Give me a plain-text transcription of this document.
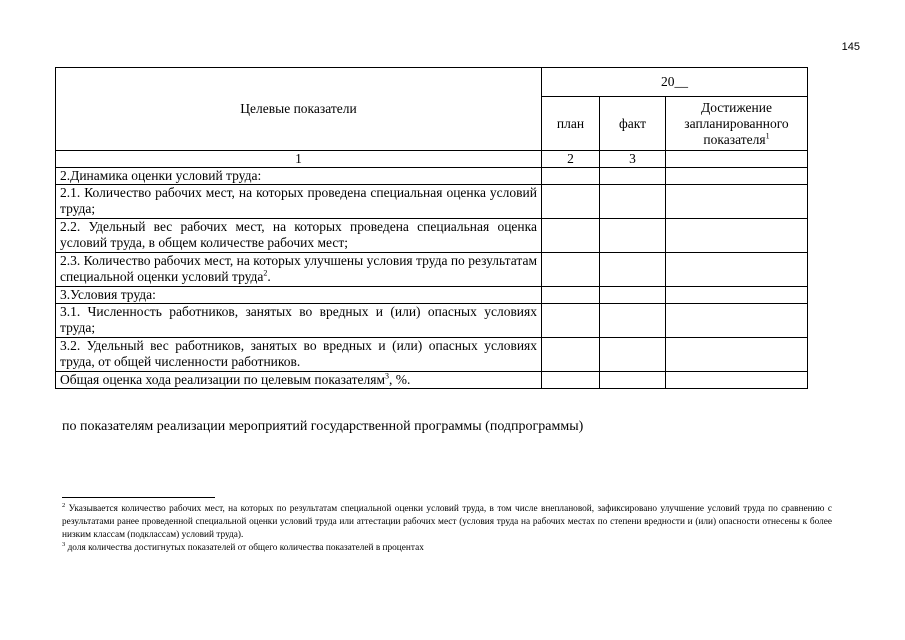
145
Целевые показатели	20__		
	план	факт	Достижение запланированного показателя$^1$
1	2	3	
2.Динамика оценки условий труда:			
2.1. Количество рабочих мест, на которых проведена специальная оценка условий труда;			
2.2. Удельный вес рабочих мест, на которых проведена специальная оценка условий труда, в общем количестве рабочих мест;			
2.3. Количество рабочих мест, на которых улучшены условия труда по результатам специальной оценки условий труда$^2$.			
3.Условия труда:			
3.1. Численность работников, занятых во вредных и (или) опасных условиях труда;			
3.2. Удельный вес работников, занятых во вредных и (или) опасных условиях труда, от общей численности работников.			
Общая оценка хода реализации по целевым показателям$^3$, %.			
по показателям реализации мероприятий государственной программы (подпрограммы)

$^2$ Указывается количество рабочих мест, на которых по результатам специальной оценки условий труда, в том числе внеплановой, зафиксировано улучшение условий труда по сравнению с результатами ранее проведенной специальной оценки условий труда или аттестации рабочих мест (условия труда на рабочих местах по степени вредности и (или) опасности отнесены к более низким классам (подклассам) условий труда).

$^3$ доля количества достигнутых показателей от общего количества показателей в процентах
